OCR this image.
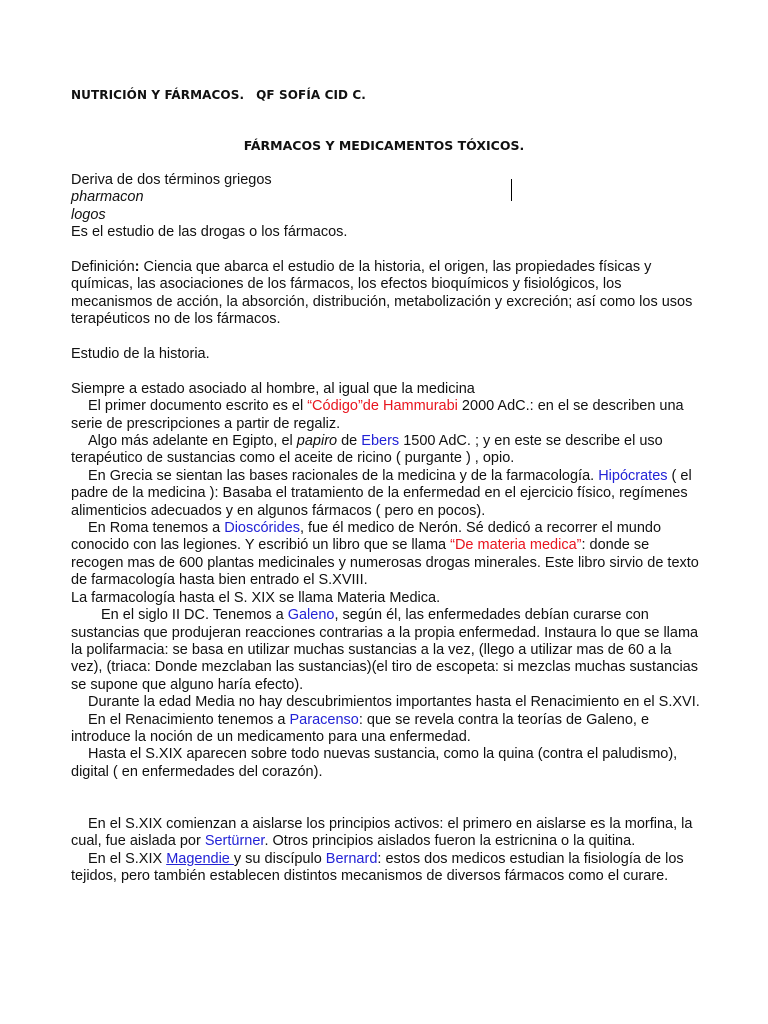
NUTRICIÓN Y FÁRMACOS. QF SOFÍA CID C.
FÁRMACOS Y MEDICAMENTOS TÓXICOS.

Deriva de dos términos griegos

pharmacon

logos

Es el estudio de las drogas o los fármacos.

Definición: Ciencia que abarca el estudio de la historia, el origen, las propiedades físicas y químicas, las asociaciones de los fármacos, los efectos bioquímicos y fisiológicos, los mecanismos de acción, la absorción, distribución, metabolización y excreción; así como los usos terapéuticos no de los fármacos.

Estudio de la historia.

Siempre a estado asociado al hombre, al igual que la medicina

El primer documento escrito es el “Código”de Hammurabi 2000 AdC.: en el se describen una serie de prescripciones a partir de regaliz.

Algo más adelante en Egipto, el papiro de Ebers 1500 AdC. ; y en este se describe el uso terapéutico de sustancias como el aceite de ricino ( purgante ) , opio.

En Grecia se sientan las bases racionales de la medicina y de la farmacología. Hipócrates ( el padre de la medicina ): Basaba el tratamiento de la enfermedad en el ejercicio físico, regímenes alimenticios adecuados y en algunos fármacos ( pero en pocos).

En Roma tenemos a Dioscórides, fue él medico de Nerón. Sé dedicó a recorrer el mundo conocido con las legiones. Y escribió un libro que se llama “De materia medica”: donde se recogen mas de 600 plantas medicinales y numerosas drogas minerales. Este libro sirvio de texto de farmacología hasta bien entrado el S.XVIII.

La farmacología hasta el S. XIX se llama Materia Medica.

En el siglo II DC. Tenemos a Galeno, según él, las enfermedades debían curarse con sustancias que produjeran reacciones contrarias a la propia enfermedad. Instaura lo que se llama la polifarmacia: se basa en utilizar muchas sustancias a la vez, (llego a utilizar mas de 60 a la vez), (triaca: Donde mezclaban las sustancias)(el tiro de escopeta: si mezclas muchas sustancias se supone que alguno haría efecto).

Durante la edad Media no hay descubrimientos importantes hasta el Renacimiento en el S.XVI.

En el Renacimiento tenemos a Paracenso: que se revela contra la teorías de Galeno, e introduce la noción de un medicamento para una enfermedad.

Hasta el S.XIX aparecen sobre todo nuevas sustancia, como la quina (contra el paludismo), digital ( en enfermedades del corazón).

En el S.XIX comienzan a aislarse los principios activos: el primero en aislarse es la morfina, la cual, fue aislada por Sertürner. Otros principios aislados fueron la estricnina o la quitina.

En el S.XIX Magendie y su discípulo Bernard: estos dos medicos estudian la fisiología de los tejidos, pero también establecen distintos mecanismos de diversos fármacos como el curare.
